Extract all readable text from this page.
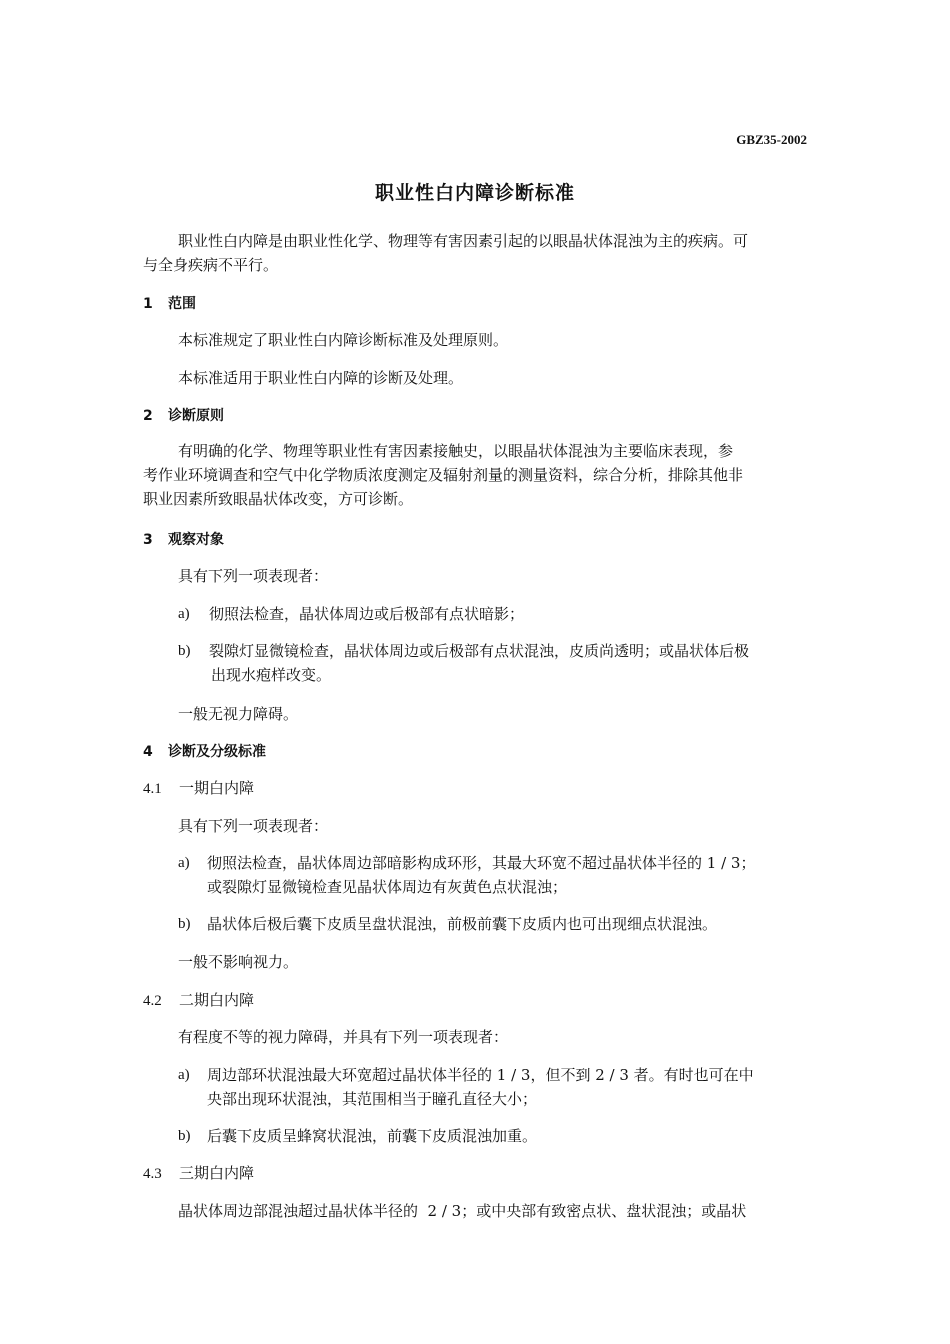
GBZ35-2002
职业性白内障诊断标准
职业性白内障是由职业性化学、物理等有害因素引起的以眼晶状体混浊为主的疾病。可
与全身疾病不平行。
1 范围
本标准规定了职业性白内障诊断标准及处理原则。
本标准适用于职业性白内障的诊断及处理。
2 诊断原则
有明确的化学、物理等职业性有害因素接触史，以眼晶状体混浊为主要临床表现，参
考作业环境调查和空气中化学物质浓度测定及辐射剂量的测量资料，综合分析，排除其他非
职业因素所致眼晶状体改变，方可诊断。
3 观察对象
具有下列一项表现者：
a) 彻照法检查，晶状体周边或后极部有点状暗影；
b) 裂隙灯显微镜检查，晶状体周边或后极部有点状混浊，皮质尚透明；或晶状体后极
出现水疱样改变。
一般无视力障碍。
4 诊断及分级标准
4.1 一期白内障
具有下列一项表现者：
a) 彻照法检查，晶状体周边部暗影构成环形，其最大环宽不超过晶状体半径的 1 / 3；
或裂隙灯显微镜检查见晶状体周边有灰黄色点状混浊；
b) 晶状体后极后囊下皮质呈盘状混浊，前极前囊下皮质内也可出现细点状混浊。
一般不影响视力。
4.2 二期白内障
有程度不等的视力障碍，并具有下列一项表现者：
a) 周边部环状混浊最大环宽超过晶状体半径的 1 / 3，但不到 2 / 3 者。有时也可在中
央部出现环状混浊，其范围相当于瞳孔直径大小；
b) 后囊下皮质呈蜂窝状混浊，前囊下皮质混浊加重。
4.3 三期白内障
晶状体周边部混浊超过晶状体半径的  2 / 3；或中央部有致密点状、盘状混浊；或晶状
